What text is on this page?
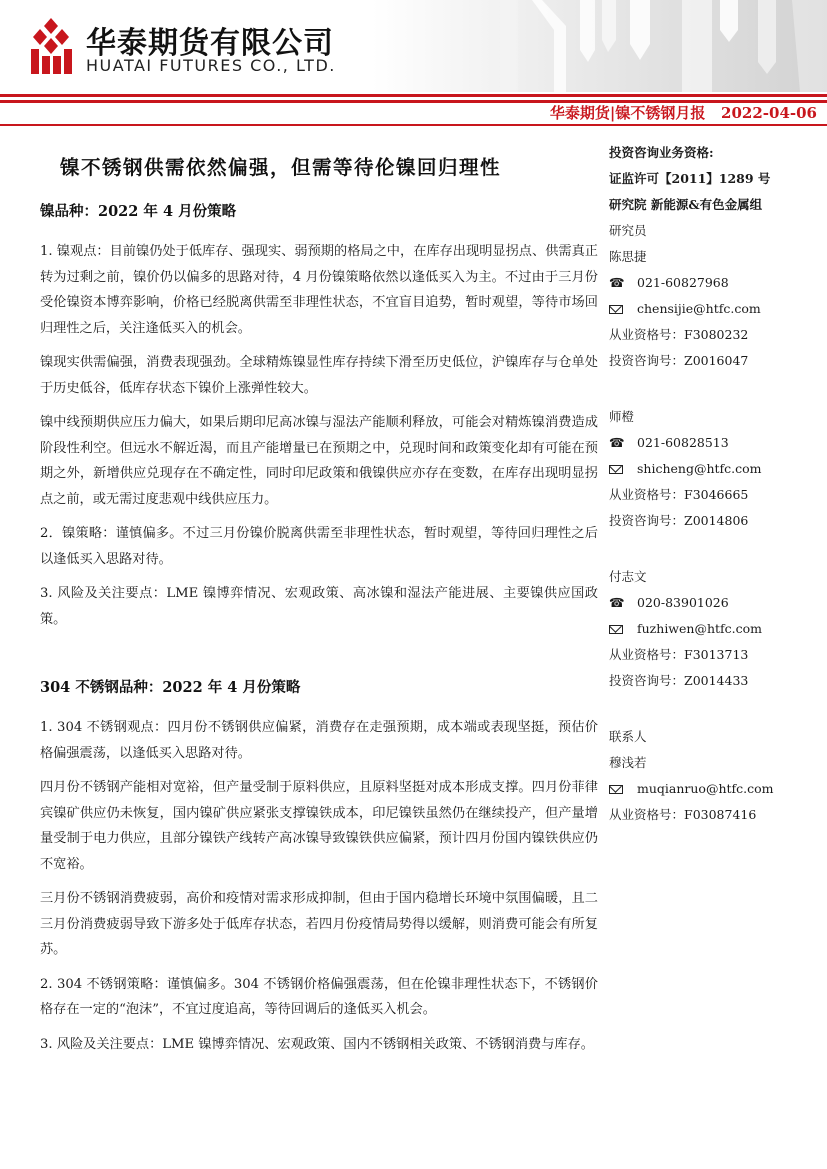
华泰期货有限公司

HUATAI FUTURES CO., LTD.

华泰期货|镍不锈钢月报 2022-04-06
镍不锈钢供需依然偏强，但需等待伦镍回归理性
镍品种：2022 年 4 月份策略

1. 镍观点：目前镍仍处于低库存、强现实、弱预期的格局之中，在库存出现明显拐点、供需真正转为过剩之前，镍价仍以偏多的思路对待，4 月份镍策略依然以逢低买入为主。不过由于三月份受伦镍资本博弈影响，价格已经脱离供需至非理性状态，不宜盲目追势，暂时观望，等待市场回归理性之后，关注逢低买入的机会。

镍现实供需偏强，消费表现强劲。全球精炼镍显性库存持续下滑至历史低位，沪镍库存与仓单处于历史低谷，低库存状态下镍价上涨弹性较大。

镍中线预期供应压力偏大，如果后期印尼高冰镍与湿法产能顺利释放，可能会对精炼镍消费造成阶段性利空。但远水不解近渴，而且产能增量已在预期之中，兑现时间和政策变化却有可能在预期之外，新增供应兑现存在不确定性，同时印尼政策和俄镍供应亦存在变数，在库存出现明显拐点之前，或无需过度悲观中线供应压力。

2．镍策略：谨慎偏多。不过三月份镍价脱离供需至非理性状态，暂时观望，等待回归理性之后以逢低买入思路对待。

3. 风险及关注要点：LME 镍博弈情况、宏观政策、高冰镍和湿法产能进展、主要镍供应国政策。

304 不锈钢品种：2022 年 4 月份策略

1. 304 不锈钢观点：四月份不锈钢供应偏紧，消费存在走强预期，成本端或表现坚挺，预估价格偏强震荡，以逢低买入思路对待。

四月份不锈钢产能相对宽裕，但产量受制于原料供应，且原料坚挺对成本形成支撑。四月份菲律宾镍矿供应仍未恢复，国内镍矿供应紧张支撑镍铁成本，印尼镍铁虽然仍在继续投产，但产量增量受制于电力供应，且部分镍铁产线转产高冰镍导致镍铁供应偏紧，预计四月份国内镍铁供应仍不宽裕。

三月份不锈钢消费疲弱，高价和疫情对需求形成抑制，但由于国内稳增长环境中氛围偏暖，且二三月份消费疲弱导致下游多处于低库存状态，若四月份疫情局势得以缓解，则消费可能会有所复苏。

2. 304 不锈钢策略：谨慎偏多。304 不锈钢价格偏强震荡，但在伦镍非理性状态下，不锈钢价格存在一定的“泡沫”，不宜过度追高，等待回调后的逢低买入机会。

3. 风险及关注要点：LME 镍博弈情况、宏观政策、国内不锈钢相关政策、不锈钢消费与库存。

投资咨询业务资格:

证监许可【2011】1289 号

研究院 新能源&有色金属组

研究员

陈思捷

☎ 021-60827968

chensijie@htfc.com

从业资格号： F3080232

投资咨询号： Z0016047

师橙

☎ 021-60828513

shicheng@htfc.com

从业资格号： F3046665

投资咨询号： Z0014806

付志文

☎ 020-83901026

fuzhiwen@htfc.com

从业资格号： F3013713

投资咨询号： Z0014433

联系人

穆浅若

muqianruo@htfc.com

从业资格号： F03087416
